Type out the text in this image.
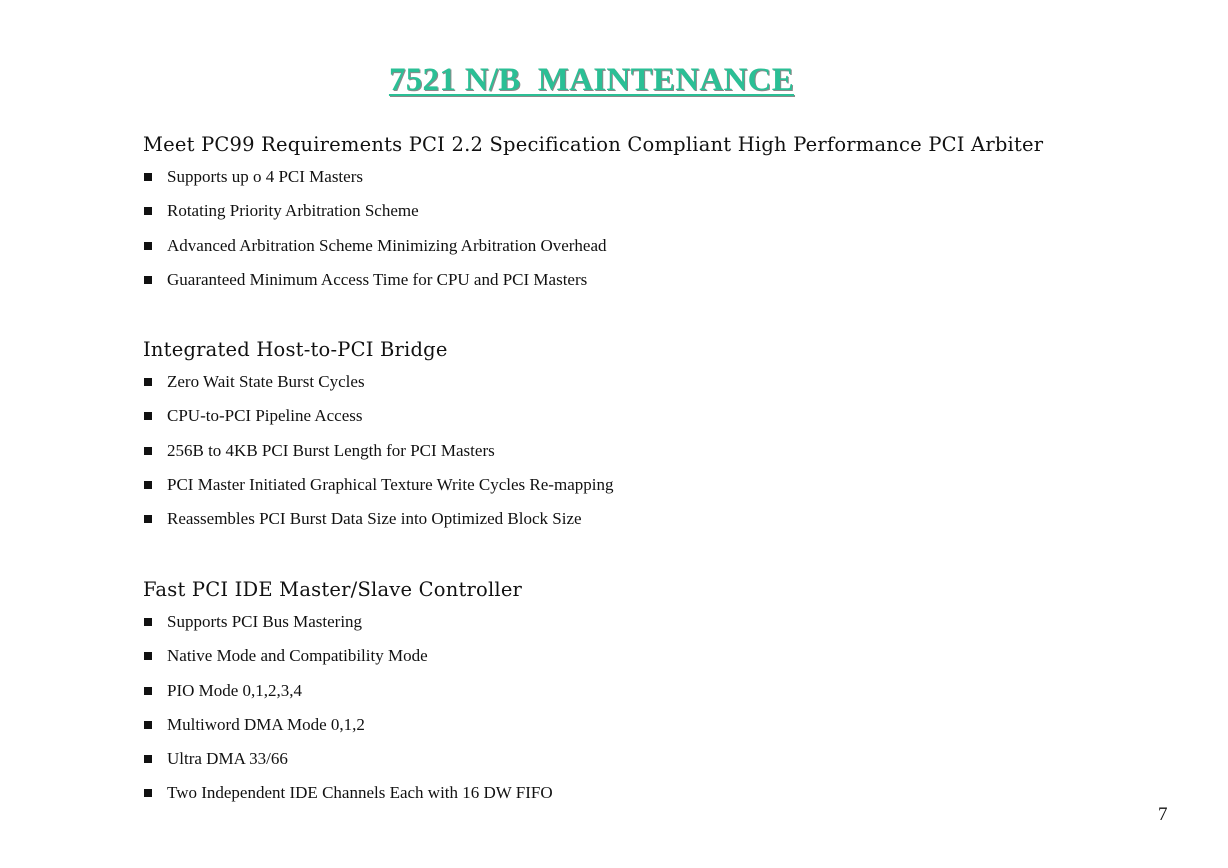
7521 N/B  MAINTENANCE
Meet PC99 Requirements PCI 2.2 Specification Compliant High Performance PCI Arbiter
Supports up o 4 PCI Masters
Rotating Priority Arbitration Scheme
Advanced Arbitration Scheme Minimizing Arbitration Overhead
Guaranteed Minimum Access Time for CPU and PCI Masters
Integrated Host-to-PCI Bridge
Zero Wait State Burst Cycles
CPU-to-PCI Pipeline Access
256B to 4KB PCI Burst Length for PCI Masters
PCI Master Initiated Graphical Texture Write Cycles Re-mapping
Reassembles PCI Burst Data Size into Optimized Block Size
Fast PCI IDE Master/Slave Controller
Supports PCI Bus Mastering
Native Mode and Compatibility Mode
PIO Mode 0,1,2,3,4
Multiword DMA Mode 0,1,2
Ultra DMA 33/66
Two Independent IDE Channels Each with 16 DW FIFO
7
